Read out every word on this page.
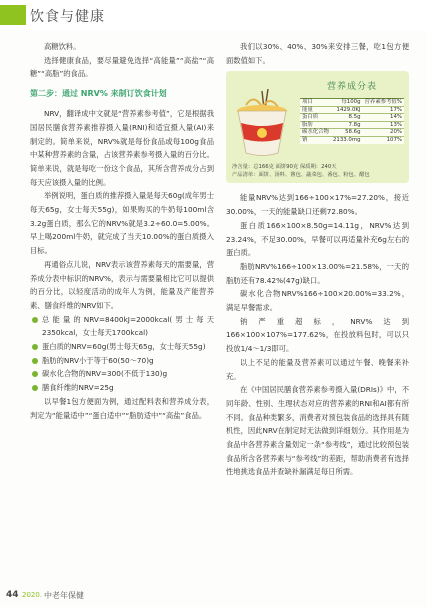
饮食与健康

高糖饮料。

选择健康食品，要尽量避免选择“高能量”“高盐”“高糖”“高脂”的食品。

第二步：通过 NRV% 来制订饮食计划

NRV，翻译成中文就是“营养素参考值”，它是根据我国居民膳食营养素推荐摄入量(RNI)和适宜摄入量(AI)来制定的。简单来说，NRV%就是每份食品或每100g食品中某种营养素的含量，占该营养素参考摄入量的百分比。简单来说，就是每吃一份这个食品，其所含营养成分占到每天应该摄入量的比例。

举例说明，蛋白质的推荐摄入量是每天60g(成年男士每天65g，女士每天55g)，如果购买的牛奶每100ml含3.2g蛋白质，那么它的NRV%就是3.2÷60.0=5.00%。早上喝200ml牛奶，就完成了当天10.00%的蛋白质摄入目标。

再通俗点儿说，NRV表示该营养素每天的需要量，营养成分表中标识的NRV%，表示与需要量相比它可以提供的百分比，以轻度活动的成年人为例，能量及产能营养素、膳食纤维的NRV如下。

总能量的NRV=8400kJ=2000kcal(男士每天2350kcal，女士每天1700kcal)

蛋白质的NRV=60g(男士每天65g，女士每天55g)

脂肪的NRV小于等于60(50～70)g

碳水化合物的NRV=300(不低于130)g

膳食纤维的NRV=25g

以早餐1包方便面为例，通过配料表和营养成分表，判定为“能量适中”“蛋白适中”“脂肪适中”“高盐”食品。

我们以30%、40%、30%来安排三餐，吃1包方便面数值如下。

营养成分表
项目	每100g	营养素参考值%
能量	1429.0KJ	17%
蛋白质	8.5g	14%
脂肪	7.8g	13%
碳水化合物	58.6g	20%
钠	2133.0mg	107%
净含量：总166克 面饼90克 保质期：240天
产品清单：面饼、汤料、酱包、蔬菜包、番包、粉包、醋包

能量NRV%达到166÷100×17%=27.20%，接近30.00%，一天的能量缺口还剩72.80%。

蛋白质166×100×8.50g=14.11g，NRV%达到23.24%，不足30.00%，早餐可以再适量补充6g左右的蛋白质。

脂肪NRV%166÷100×13.00%=21.58%，一天的脂肪还有78.42%(47g)缺口。

碳水化合物NRV%166÷100×20.00%=33.2%，满足早餐需求。

钠严重超标，NRV%达到166×100×107%=177.62%，在投放料包时，可以只投放1/4～1/3即可。

以上不足的能量及营养素可以通过午餐、晚餐来补充。

在《中国居民膳食营养素参考摄入量(DRIs)》中，不同年龄、性别、生理状态对应的营养素的RNI和AI都有所不同。食品种类繁多，消费者对预包装食品的选择具有随机性，因此NRV在制定时无法做到详细划分。其作用是为食品中各营养素含量划定一条“参考线”，通过比较预包装食品所含各营养素与“参考线”的差距，帮助消费者有选择性地挑选食品并查缺补漏满足每日所需。

44 2020. 中老年保健
